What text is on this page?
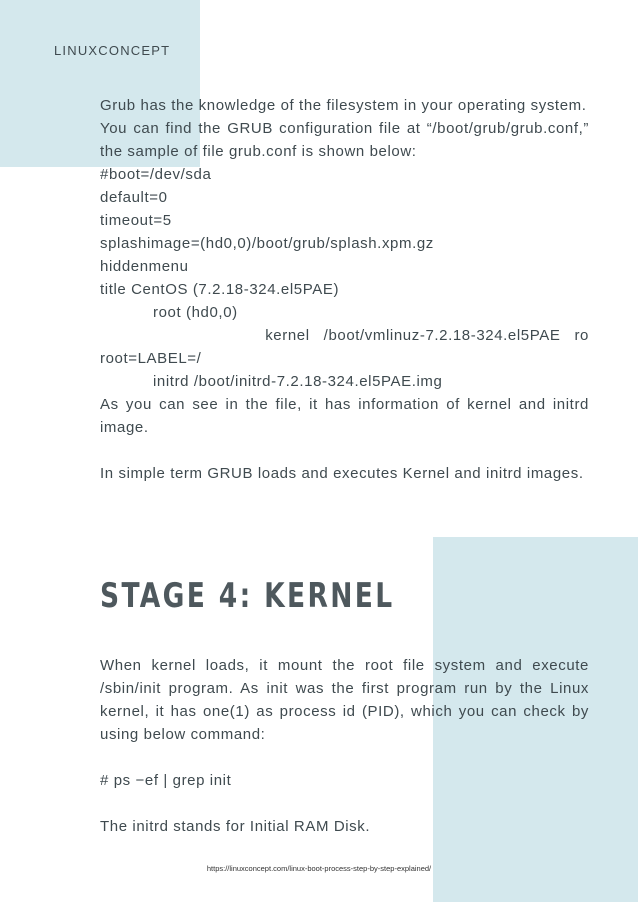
LINUXCONCEPT

Grub has the knowledge of the filesystem in your operating system.

You can find the GRUB configuration file at “/boot/grub/grub.conf,” the sample of file grub.conf is shown below:

#boot=/dev/sda

default=0

timeout=5

splashimage=(hd0,0)/boot/grub/splash.xpm.gz

hiddenmenu

title CentOS (7.2.18-324.el5PAE)

root (hd0,0)

kernel /boot/vmlinuz-7.2.18-324.el5PAE ro

root=LABEL=/

initrd /boot/initrd-7.2.18-324.el5PAE.img

As you can see in the file, it has information of kernel and initrd image.

In simple term GRUB loads and executes Kernel and initrd images.

STAGE 4: KERNEL

When kernel loads, it mount the root file system and execute /sbin/init program. As init was the first program run by the Linux kernel, it has one(1) as process id (PID), which you can check by using below command:

# ps −ef | grep init

The initrd stands for Initial RAM Disk.

https://linuxconcept.com/linux-boot-process-step-by-step-explained/
